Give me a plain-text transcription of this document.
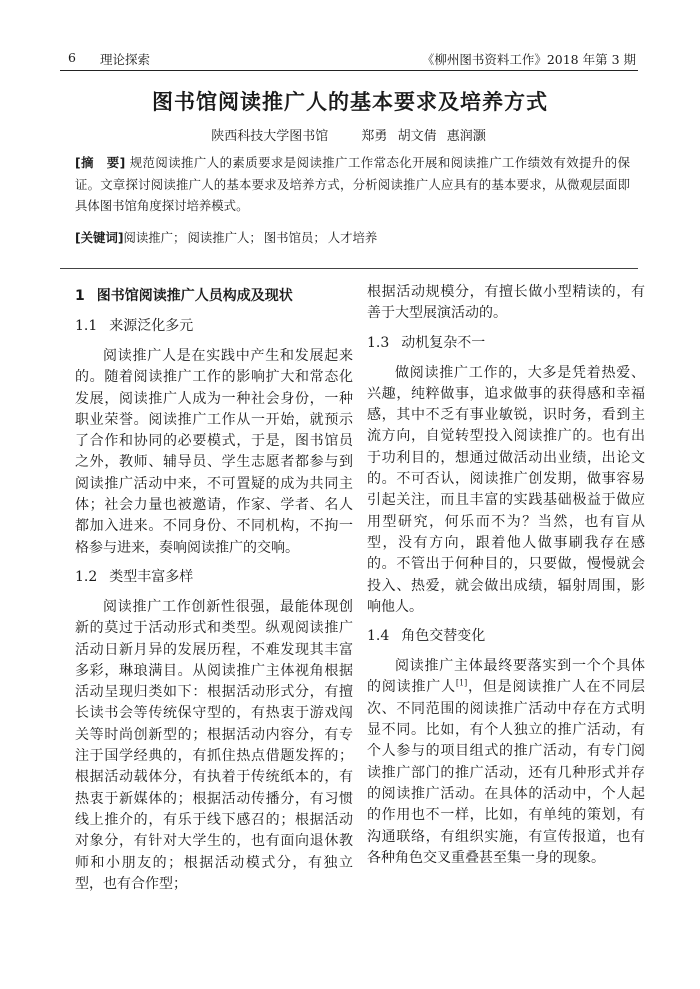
6 理论探索	《柳州图书资料工作》2018 年第 3 期
图书馆阅读推广人的基本要求及培养方式
陕西科技大学图书馆	郑勇 胡文倩 惠润灏
[摘　要] 规范阅读推广人的素质要求是阅读推广工作常态化开展和阅读推广工作绩效有效提升的保证。文章探讨阅读推广人的基本要求及培养方式，分析阅读推广人应具有的基本要求，从微观层面即具体图书馆角度探讨培养模式。
[关键词]阅读推广； 阅读推广人； 图书馆员； 人才培养
1 图书馆阅读推广人员构成及现状
1.1 来源泛化多元

阅读推广人是在实践中产生和发展起来的。随着阅读推广工作的影响扩大和常态化发展，阅读推广人成为一种社会身份，一种职业荣誉。阅读推广工作从一开始，就预示了合作和协同的必要模式，于是，图书馆员之外，教师、辅导员、学生志愿者都参与到阅读推广活动中来，不可置疑的成为共同主体；社会力量也被邀请，作家、学者、名人都加入进来。不同身份、不同机构，不拘一格参与进来，奏响阅读推广的交响。

1.2 类型丰富多样

阅读推广工作创新性很强，最能体现创新的莫过于活动形式和类型。纵观阅读推广活动日新月异的发展历程，不难发现其丰富多彩，琳琅满目。从阅读推广主体视角根据活动呈现归类如下：根据活动形式分，有擅长读书会等传统保守型的，有热衷于游戏闯关等时尚创新型的；根据活动内容分，有专注于国学经典的，有抓住热点借题发挥的；根据活动载体分，有执着于传统纸本的，有热衷于新媒体的；根据活动传播分，有习惯线上推介的，有乐于线下感召的；根据活动对象分，有针对大学生的，也有面向退休教师和小朋友的；根据活动模式分，有独立型，也有合作型；

根据活动规模分，有擅长做小型精读的，有善于大型展演活动的。

1.3 动机复杂不一

做阅读推广工作的，大多是凭着热爱、兴趣，纯粹做事，追求做事的获得感和幸福感，其中不乏有事业敏锐，识时务，看到主流方向，自觉转型投入阅读推广的。也有出于功利目的，想通过做活动出业绩，出论文的。不可否认，阅读推广创发期，做事容易引起关注，而且丰富的实践基础极益于做应用型研究，何乐而不为？当然，也有盲从型，没有方向，跟着他人做事刷我存在感的。不管出于何种目的，只要做，慢慢就会投入、热爱，就会做出成绩，辐射周围，影响他人。

1.4 角色交替变化

阅读推广主体最终要落实到一个个具体的阅读推广人[1]，但是阅读推广人在不同层次、不同范围的阅读推广活动中存在方式明显不同。比如，有个人独立的推广活动，有个人参与的项目组式的推广活动，有专门阅读推广部门的推广活动，还有几种形式并存的阅读推广活动。在具体的活动中，个人起的作用也不一样，比如，有单纯的策划，有沟通联络，有组织实施，有宣传报道，也有各种角色交叉重叠甚至集一身的现象。
